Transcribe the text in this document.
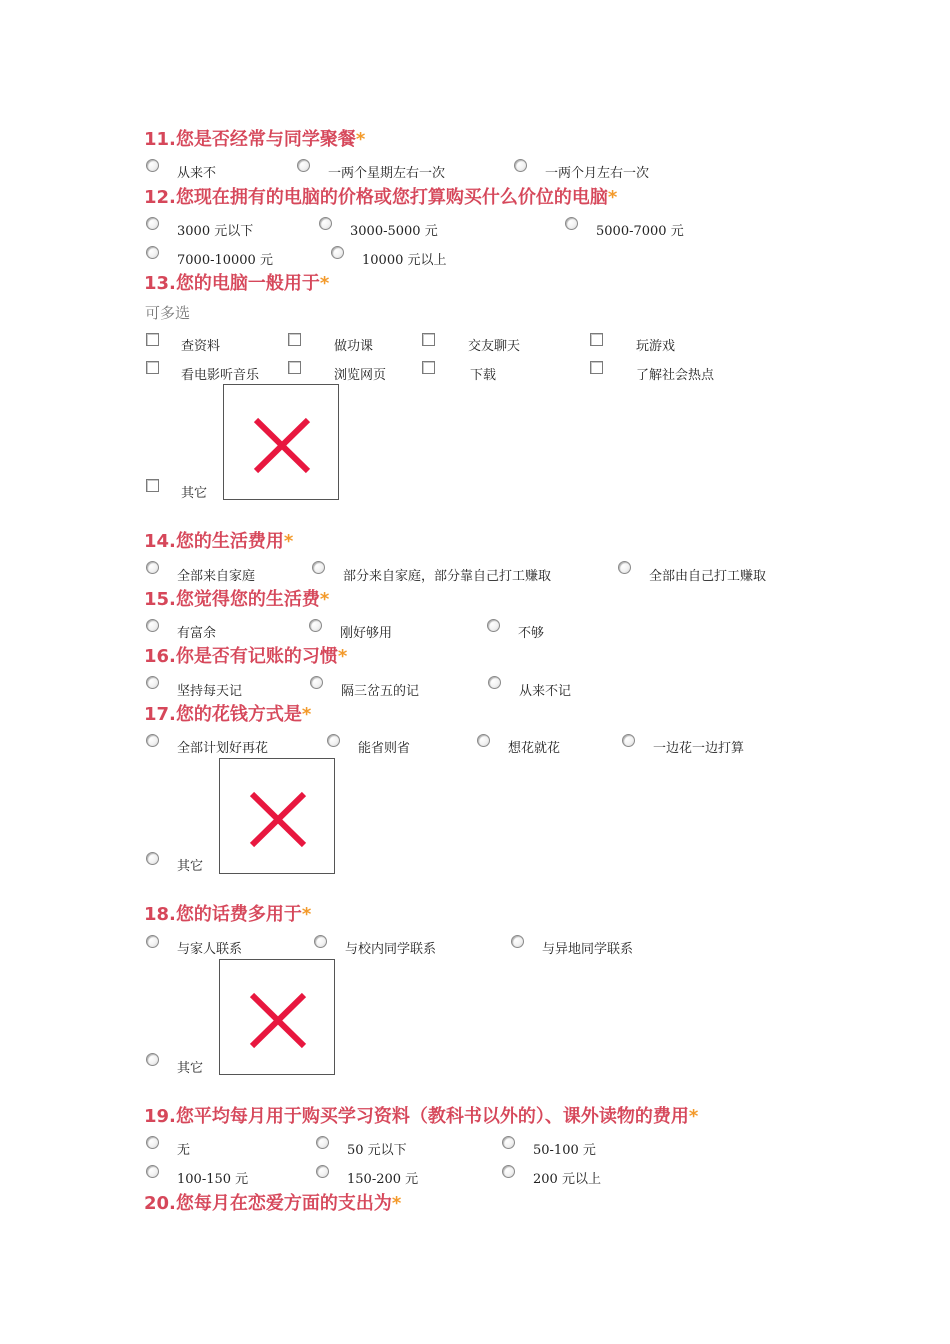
11.您是否经常与同学聚餐*
从来不	一两个星期左右一次	一两个月左右一次
12.您现在拥有的电脑的价格或您打算购买什么价位的电脑*
3000 元以下	3000-5000 元	5000-7000 元
7000-10000 元	10000 元以上
13.您的电脑一般用于*
可多选
查资料	做功课	交友聊天	玩游戏
看电影听音乐	浏览网页	下载	了解社会热点
其它
14.您的生活费用*
全部来自家庭	部分来自家庭，部分靠自己打工赚取	全部由自己打工赚取
15.您觉得您的生活费*
有富余	刚好够用	不够
16.你是否有记账的习惯*
坚持每天记	隔三岔五的记	从来不记
17.您的花钱方式是*
全部计划好再花	能省则省	想花就花	一边花一边打算
其它
18.您的话费多用于*
与家人联系	与校内同学联系	与异地同学联系
其它
19.您平均每月用于购买学习资料（教科书以外的）、课外读物的费用*
无	50 元以下	50-100 元
100-150 元	150-200 元	200 元以上
20.您每月在恋爱方面的支出为*
